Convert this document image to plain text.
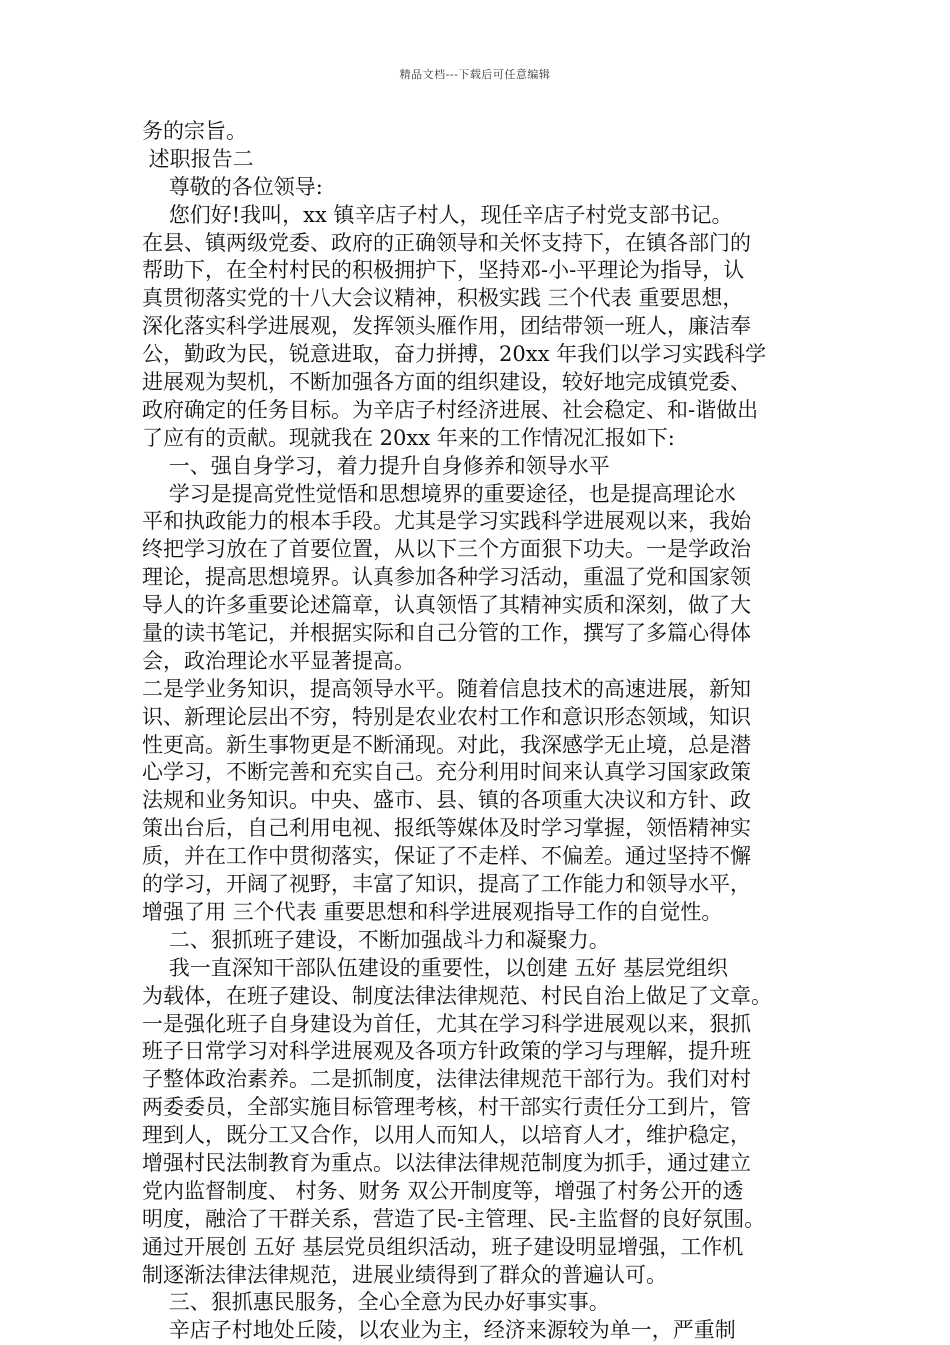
精品文档---下载后可任意编辑
务的宗旨。
述职报告二
尊敬的各位领导:
您们好!我叫，xx 镇辛店子村人，现任辛店子村党支部书记。
在县、镇两级党委、政府的正确领导和关怀支持下，在镇各部门的
帮助下，在全村村民的积极拥护下，坚持邓-小-平理论为指导，认
真贯彻落实党的十八大会议精神，积极实践 三个代表 重要思想，
深化落实科学进展观，发挥领头雁作用，团结带领一班人，廉洁奉
公，勤政为民，锐意进取，奋力拼搏，20xx 年我们以学习实践科学
进展观为契机，不断加强各方面的组织建设，较好地完成镇党委、
政府确定的任务目标。为辛店子村经济进展、社会稳定、和-谐做出
了应有的贡献。现就我在 20xx 年来的工作情况汇报如下:
一、强自身学习，着力提升自身修养和领导水平
学习是提高党性觉悟和思想境界的重要途径，也是提高理论水
平和执政能力的根本手段。尤其是学习实践科学进展观以来，我始
终把学习放在了首要位置，从以下三个方面狠下功夫。一是学政治
理论，提高思想境界。认真参加各种学习活动，重温了党和国家领
导人的许多重要论述篇章，认真领悟了其精神实质和深刻，做了大
量的读书笔记，并根据实际和自己分管的工作，撰写了多篇心得体
会，政治理论水平显著提高。
二是学业务知识，提高领导水平。随着信息技术的高速进展，新知
识、新理论层出不穷，特别是农业农村工作和意识形态领域，知识
性更高。新生事物更是不断涌现。对此，我深感学无止境，总是潜
心学习，不断完善和充实自己。充分利用时间来认真学习国家政策
法规和业务知识。中央、盛市、县、镇的各项重大决议和方针、政
策出台后，自己利用电视、报纸等媒体及时学习掌握，领悟精神实
质，并在工作中贯彻落实，保证了不走样、不偏差。通过坚持不懈
的学习，开阔了视野，丰富了知识，提高了工作能力和领导水平，
增强了用 三个代表 重要思想和科学进展观指导工作的自觉性。
二、狠抓班子建设，不断加强战斗力和凝聚力。
我一直深知干部队伍建设的重要性，以创建 五好 基层党组织
为载体，在班子建设、制度法律法律规范、村民自治上做足了文章。
一是强化班子自身建设为首任，尤其在学习科学进展观以来，狠抓
班子日常学习对科学进展观及各项方针政策的学习与理解，提升班
子整体政治素养。二是抓制度，法律法律规范干部行为。我们对村
两委委员，全部实施目标管理考核，村干部实行责任分工到片，管
理到人，既分工又合作，以用人而知人，以培育人才，维护稳定，
增强村民法制教育为重点。以法律法律规范制度为抓手，通过建立
党内监督制度、 村务、财务 双公开制度等，增强了村务公开的透
明度，融洽了干群关系，营造了民-主管理、民-主监督的良好氛围。
通过开展创 五好 基层党员组织活动，班子建设明显增强，工作机
制逐渐法律法律规范，进展业绩得到了群众的普遍认可。
三、狠抓惠民服务，全心全意为民办好事实事。
辛店子村地处丘陵，以农业为主，经济来源较为单一，严重制
